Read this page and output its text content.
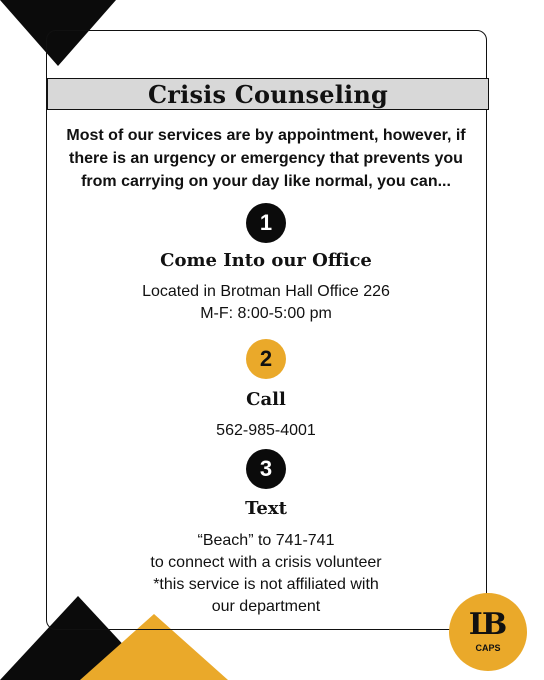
Crisis Counseling
Most of our services are by appointment, however, if there is an urgency or emergency that prevents you from carrying on your day like normal, you can...
1
Come Into our Office
Located in Brotman Hall Office 226
M-F: 8:00-5:00 pm
2
Call
562-985-4001
3
Text
“Beach” to 741-741
to connect with a crisis volunteer
*this service is not affiliated with
our department
LB
CAPS
